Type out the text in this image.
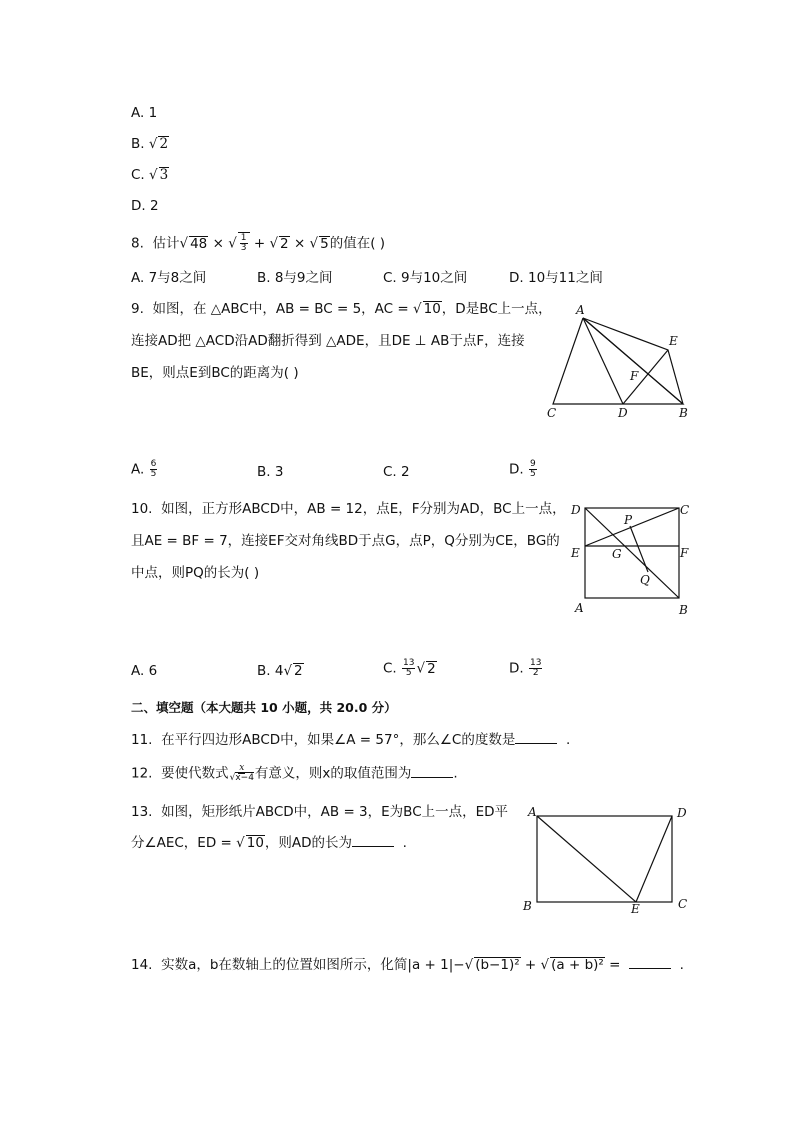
A. 1
B. √ 2
C. √ 3
D. 2
8. 估计√ 48 × √ $\frac{1}{3}$ + √ 2 × √ 5的值在( )
A. 7与8之间	B. 8与9之间	C. 9与10之间	D. 10与11之间
9. 如图，在 △ABC中，AB = BC = 5，AC = √ 10，D是BC上一点，
连接AD把 △ACD沿AD翻折得到 △ADE，且DE ⊥ AB于点F，连接
BE，则点E到BC的距离为( )
A
E
F
C	D	B
A. $\frac{6}{5}$	B. 3	C. 2	D. $\frac{9}{5}$
10. 如图，正方形ABCD中，AB = 12，点E，F分别为AD，BC上一点，
且AE = BF = 7，连接EF交对角线BD于点G，点P，Q分别为CE，BG的
中点，则PQ的长为( )
D	C
P
E	G	F
Q
A	B
A. 6	B. 4√ 2	C. $\frac{13}{5}$ √ 2	D. $\frac{13}{2}$
二、填空题（本大题共 10 小题，共 20.0 分）
11. 在平行四边形ABCD中，如果∠A = 57°，那么∠C的度数是	.
12. 要使代数式 $\frac{x}{√x-4}$ 有意义，则x的取值范围为	.
13. 如图，矩形纸片ABCD中，AB = 3，E为BC上一点，ED平
分∠AEC，ED = √ 10，则AD的长为	.
A	D
B	E	C
14. 实数a，b在数轴上的位置如图所示，化简|a + 1|−√ (b−1)² + √ (a + b)² =	.
